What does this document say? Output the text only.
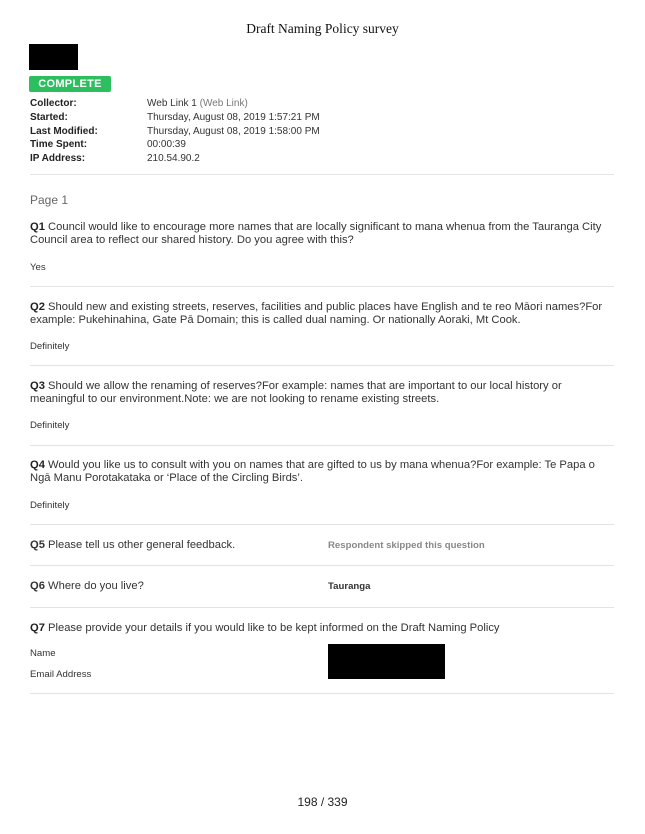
Draft Naming Policy survey
COMPLETE
Collector:	Web Link 1 (Web Link)
Started:	Thursday, August 08, 2019 1:57:21 PM
Last Modified:	Thursday, August 08, 2019 1:58:00 PM
Time Spent:	00:00:39
IP Address:	210.54.90.2
Page 1
Q1 Council would like to encourage more names that are locally significant to mana whenua from the Tauranga City Council area to reflect our shared history. Do you agree with this?
Yes
Q2 Should new and existing streets, reserves, facilities and public places have English and te reo Māori names?For example: Pukehinahina, Gate Pā Domain; this is called dual naming. Or nationally Aoraki, Mt Cook.
Definitely
Q3 Should we allow the renaming of reserves?For example: names that are important to our local history or meaningful to our environment.Note: we are not looking to rename existing streets.
Definitely
Q4 Would you like us to consult with you on names that are gifted to us by mana whenua?For example: Te Papa o Ngā Manu Porotakataka or ‘Place of the Circling Birds’.
Definitely
Q5 Please tell us other general feedback.	Respondent skipped this question
Q6 Where do you live?	Tauranga
Q7 Please provide your details if you would like to be kept informed on the Draft Naming Policy
Name
Email Address
198 / 339
